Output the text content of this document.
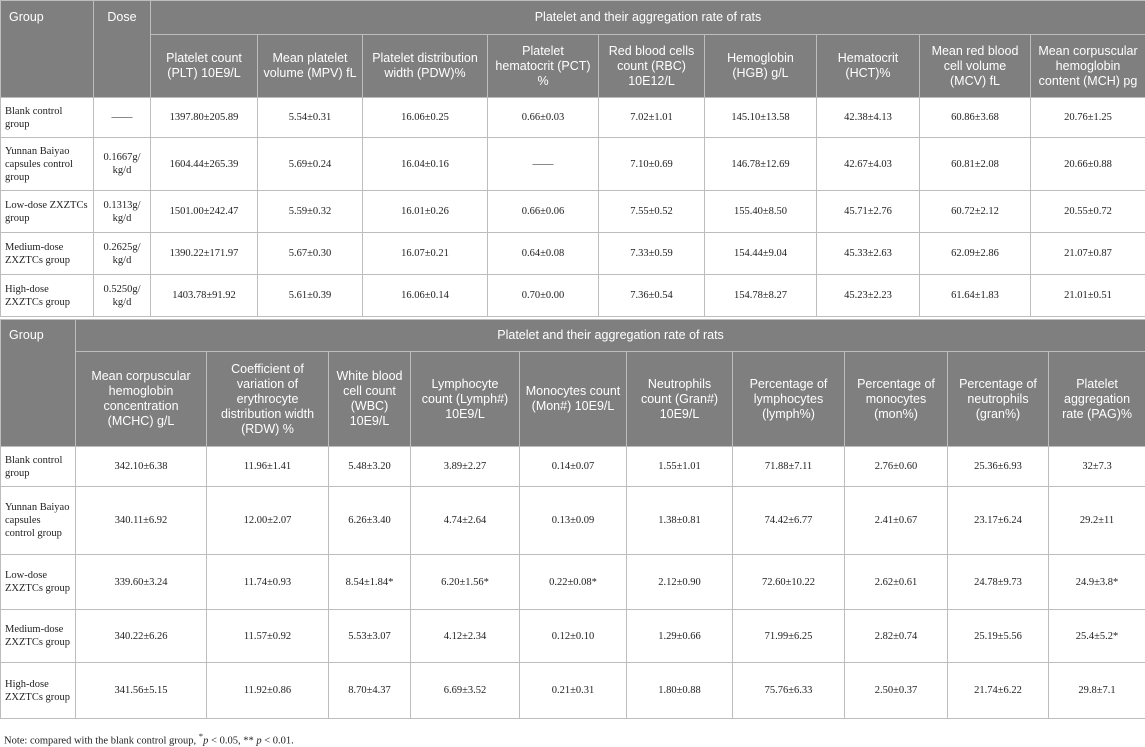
Group	Dose	Platelet and their aggregation rate of rats								
		Platelet count (PLT) 10E9/L	Mean platelet volume (MPV) fL	Platelet distribution width (PDW)%	Platelet hematocrit (PCT) %	Red blood cells count (RBC) 10E12/L	Hemoglobin (HGB) g/L	Hematocrit (HCT)%	Mean red blood cell volume (MCV) fL	Mean corpuscular hemoglobin content (MCH) pg
Blank control group	——	1397.80±205.89	5.54±0.31	16.06±0.25	0.66±0.03	7.02±1.01	145.10±13.58	42.38±4.13	60.86±3.68	20.76±1.25
Yunnan Baiyao capsules control group	0.1667g/ kg/d	1604.44±265.39	5.69±0.24	16.04±0.16	——	7.10±0.69	146.78±12.69	42.67±4.03	60.81±2.08	20.66±0.88
Low-dose ZXZTCs group	0.1313g/ kg/d	1501.00±242.47	5.59±0.32	16.01±0.26	0.66±0.06	7.55±0.52	155.40±8.50	45.71±2.76	60.72±2.12	20.55±0.72
Medium-dose ZXZTCs group	0.2625g/ kg/d	1390.22±171.97	5.67±0.30	16.07±0.21	0.64±0.08	7.33±0.59	154.44±9.04	45.33±2.63	62.09±2.86	21.07±0.87
High-dose ZXZTCs group	0.5250g/ kg/d	1403.78±91.92	5.61±0.39	16.06±0.14	0.70±0.00	7.36±0.54	154.78±8.27	45.23±2.23	61.64±1.83	21.01±0.51
Group	Platelet and their aggregation rate of rats									
	Mean corpuscular hemoglobin concentration (MCHC) g/L	Coefficient of variation of erythrocyte distribution width (RDW) %	White blood cell count (WBC) 10E9/L	Lymphocyte count (Lymph#) 10E9/L	Monocytes count (Mon#) 10E9/L	Neutrophils count (Gran#) 10E9/L	Percentage of lymphocytes (lymph%)	Percentage of monocytes (mon%)	Percentage of neutrophils (gran%)	Platelet aggregation rate (PAG)%
Blank control group	342.10±6.38	11.96±1.41	5.48±3.20	3.89±2.27	0.14±0.07	1.55±1.01	71.88±7.11	2.76±0.60	25.36±6.93	32±7.3
Yunnan Baiyao capsules control group	340.11±6.92	12.00±2.07	6.26±3.40	4.74±2.64	0.13±0.09	1.38±0.81	74.42±6.77	2.41±0.67	23.17±6.24	29.2±11
Low-dose ZXZTCs group	339.60±3.24	11.74±0.93	8.54±1.84*	6.20±1.56*	0.22±0.08*	2.12±0.90	72.60±10.22	2.62±0.61	24.78±9.73	24.9±3.8*
Medium-dose ZXZTCs group	340.22±6.26	11.57±0.92	5.53±3.07	4.12±2.34	0.12±0.10	1.29±0.66	71.99±6.25	2.82±0.74	25.19±5.56	25.4±5.2*
High-dose ZXZTCs group	341.56±5.15	11.92±0.86	8.70±4.37	6.69±3.52	0.21±0.31	1.80±0.88	75.76±6.33	2.50±0.37	21.74±6.22	29.8±7.1
Note: compared with the blank control group, *p < 0.05, ** p < 0.01.
